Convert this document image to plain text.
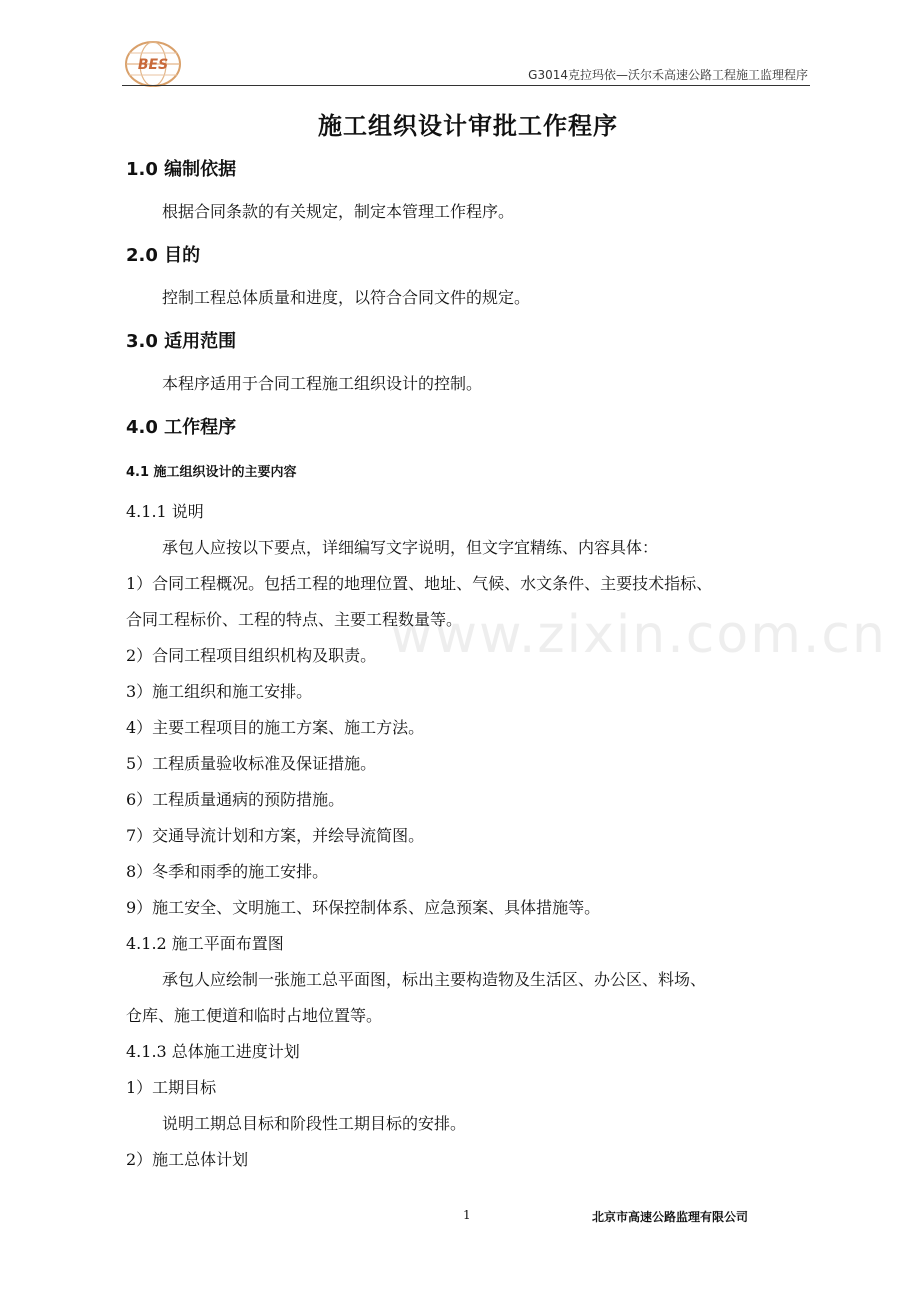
BES
G3014克拉玛依—沃尔禾高速公路工程施工监理程序
www.zixin.com.cn
施工组织设计审批工作程序
1.0 编制依据
根据合同条款的有关规定，制定本管理工作程序。
2.0 目的
控制工程总体质量和进度，以符合合同文件的规定。
3.0 适用范围
本程序适用于合同工程施工组织设计的控制。
4.0 工作程序
4.1 施工组织设计的主要内容
4.1.1 说明
承包人应按以下要点，详细编写文字说明，但文字宜精练、内容具体：
1）合同工程概况。包括工程的地理位置、地址、气候、水文条件、主要技术指标、
合同工程标价、工程的特点、主要工程数量等。
2）合同工程项目组织机构及职责。
3）施工组织和施工安排。
4）主要工程项目的施工方案、施工方法。
5）工程质量验收标准及保证措施。
6）工程质量通病的预防措施。
7）交通导流计划和方案，并绘导流简图。
8）冬季和雨季的施工安排。
9）施工安全、文明施工、环保控制体系、应急预案、具体措施等。
4.1.2 施工平面布置图
承包人应绘制一张施工总平面图，标出主要构造物及生活区、办公区、料场、
仓库、施工便道和临时占地位置等。
4.1.3 总体施工进度计划
1）工期目标
说明工期总目标和阶段性工期目标的安排。
2）施工总体计划
1	北京市高速公路监理有限公司
